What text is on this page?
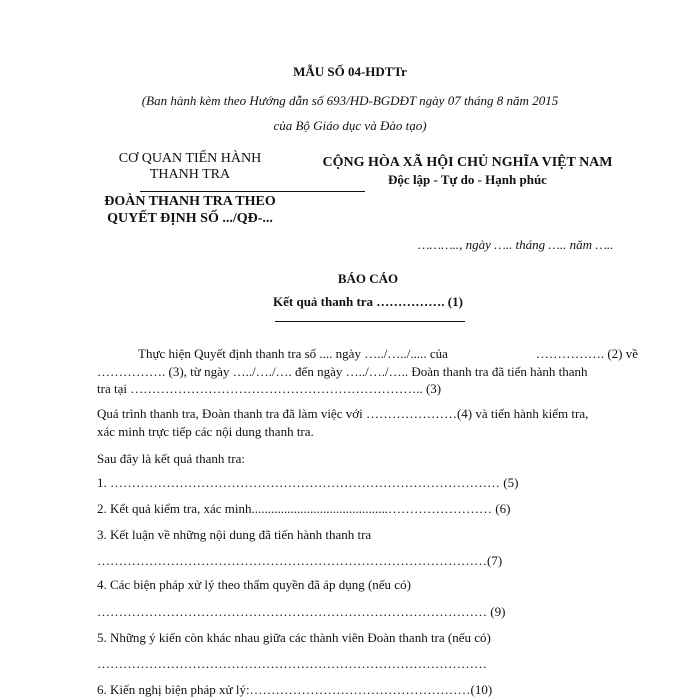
MẪU SỐ 04-HDTTr
(Ban hành kèm theo Hướng dẫn số 693/HD-BGDĐT ngày 07 tháng 8 năm 2015
của Bộ Giáo dục và Đào tạo)
CƠ QUAN TIẾN HÀNH
THANH TRA
ĐOÀN THANH TRA THEO
QUYẾT ĐỊNH SỐ .../QĐ-...
CỘNG HÒA XÃ HỘI CHỦ NGHĨA VIỆT NAM
Độc lập - Tự do - Hạnh phúc
……….., ngày ….. tháng ….. năm …..
BÁO CÁO
Kết quả thanh tra ……………. (1)
Thực hiện Quyết định thanh tra số .... ngày …../…../..... của	……………. (2) về
……………. (3), từ ngày …../…./…. đến ngày …../…./….. Đoàn thanh tra đã tiến hành thanh
tra tại ………………………………………………………….. (3)
Quá trình thanh tra, Đoàn thanh tra đã làm việc với …………………(4) và tiến hành kiểm tra,
xác minh trực tiếp các nội dung thanh tra.
Sau đây là kết quả thanh tra:
1. ……………………………………………………………………………… (5)
2. Kết quả kiểm tra, xác minh..........................................…………………… (6)
3. Kết luận về những nội dung đã tiến hành thanh tra
………………………………………………………………………………(7)
4. Các biện pháp xử lý theo thẩm quyền đã áp dụng (nếu có)
……………………………………………………………………………… (9)
5. Những ý kiến còn khác nhau giữa các thành viên Đoàn thanh tra (nếu có)
………………………………………………………………………………
6. Kiến nghị biện pháp xử lý:……………………………………………(10)
